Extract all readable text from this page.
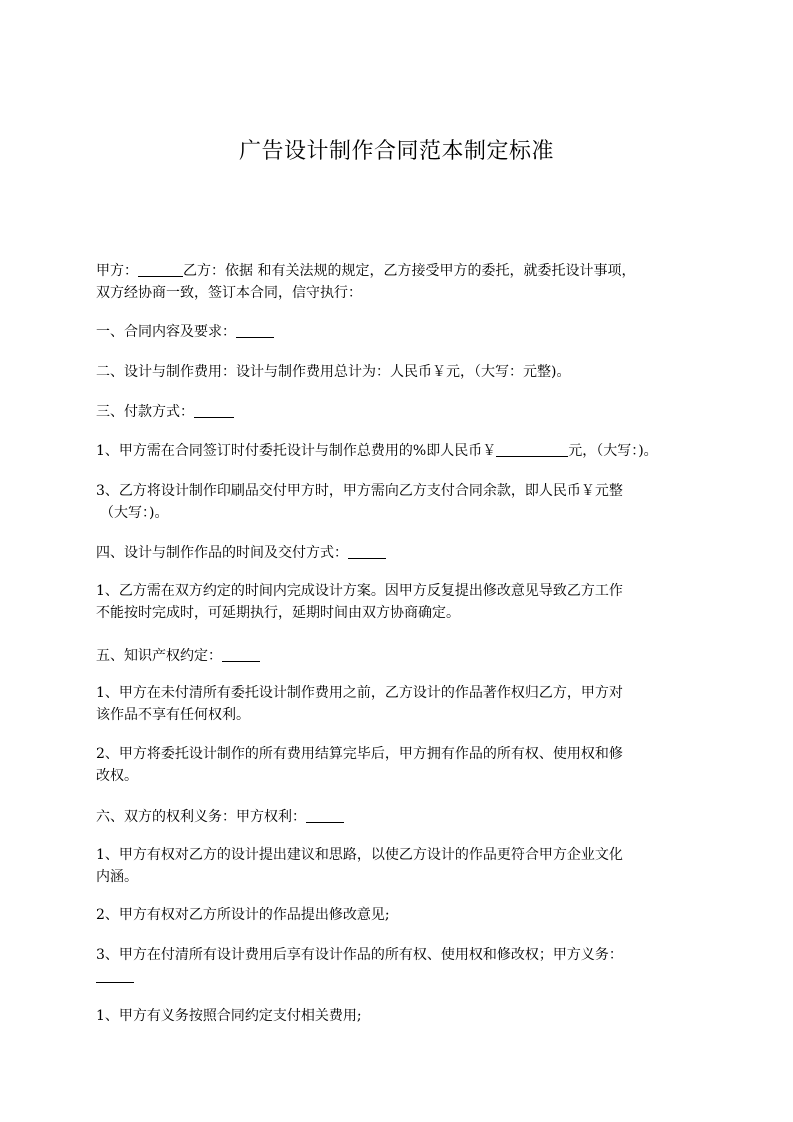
广告设计制作合同范本制定标准
甲方：	乙方：依据 和有关法规的规定，乙方接受甲方的委托，就委托设计事项，
双方经协商一致，签订本合同，信守执行：
一、合同内容及要求：
二、设计与制作费用：设计与制作费用总计为：人民币￥元，（大写：元整)。
三、付款方式：
1、甲方需在合同签订时付委托设计与制作总费用的%即人民币￥	元，（大写：)。
3、乙方将设计制作印刷品交付甲方时，甲方需向乙方支付合同余款，即人民币￥元整
（大写：)。
四、设计与制作作品的时间及交付方式：
1、乙方需在双方约定的时间内完成设计方案。因甲方反复提出修改意见导致乙方工作
不能按时完成时，可延期执行，延期时间由双方协商确定。
五、知识产权约定：
1、甲方在未付清所有委托设计制作费用之前，乙方设计的作品著作权归乙方，甲方对
该作品不享有任何权利。
2、甲方将委托设计制作的所有费用结算完毕后，甲方拥有作品的所有权、使用权和修
改权。
六、双方的权利义务：甲方权利：
1、甲方有权对乙方的设计提出建议和思路，以使乙方设计的作品更符合甲方企业文化
内涵。
2、甲方有权对乙方所设计的作品提出修改意见;
3、甲方在付清所有设计费用后享有设计作品的所有权、使用权和修改权；甲方义务：
1、甲方有义务按照合同约定支付相关费用;
